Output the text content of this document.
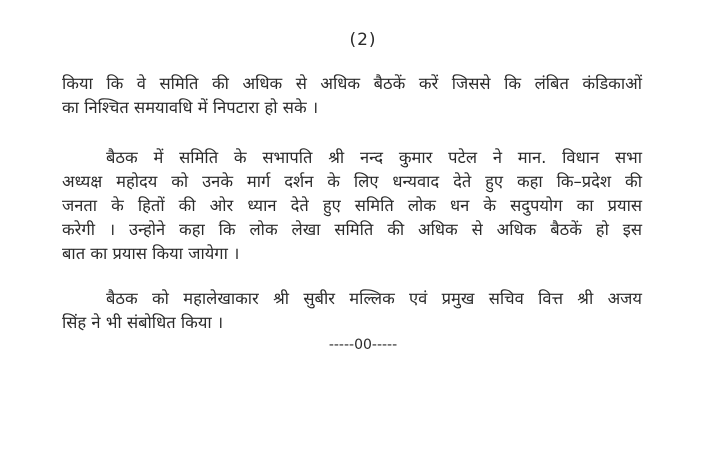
(2)
किया कि वे समिति की अधिक से अधिक बैठकें करें जिससे कि लंबित कंडिकाओं
का निश्चित समयावधि में निपटारा हो सके ।
बैठक में समिति के सभापति श्री नन्द कुमार पटेल ने मान. विधान सभा
अध्यक्ष महोदय को उनके मार्ग दर्शन के लिए धन्यवाद देते हुए कहा कि–प्रदेश की
जनता के हितों की ओर ध्यान देते हुए समिति लोक धन के सदुपयोग का प्रयास
करेगी । उन्होने कहा कि लोक लेखा समिति की अधिक से अधिक बैठकें हो इस
बात का प्रयास किया जायेगा ।
बैठक को महालेखाकार श्री सुबीर मल्लिक एवं प्रमुख सचिव वित्त श्री अजय
सिंह ने भी संबोधित किया ।
-----00-----
